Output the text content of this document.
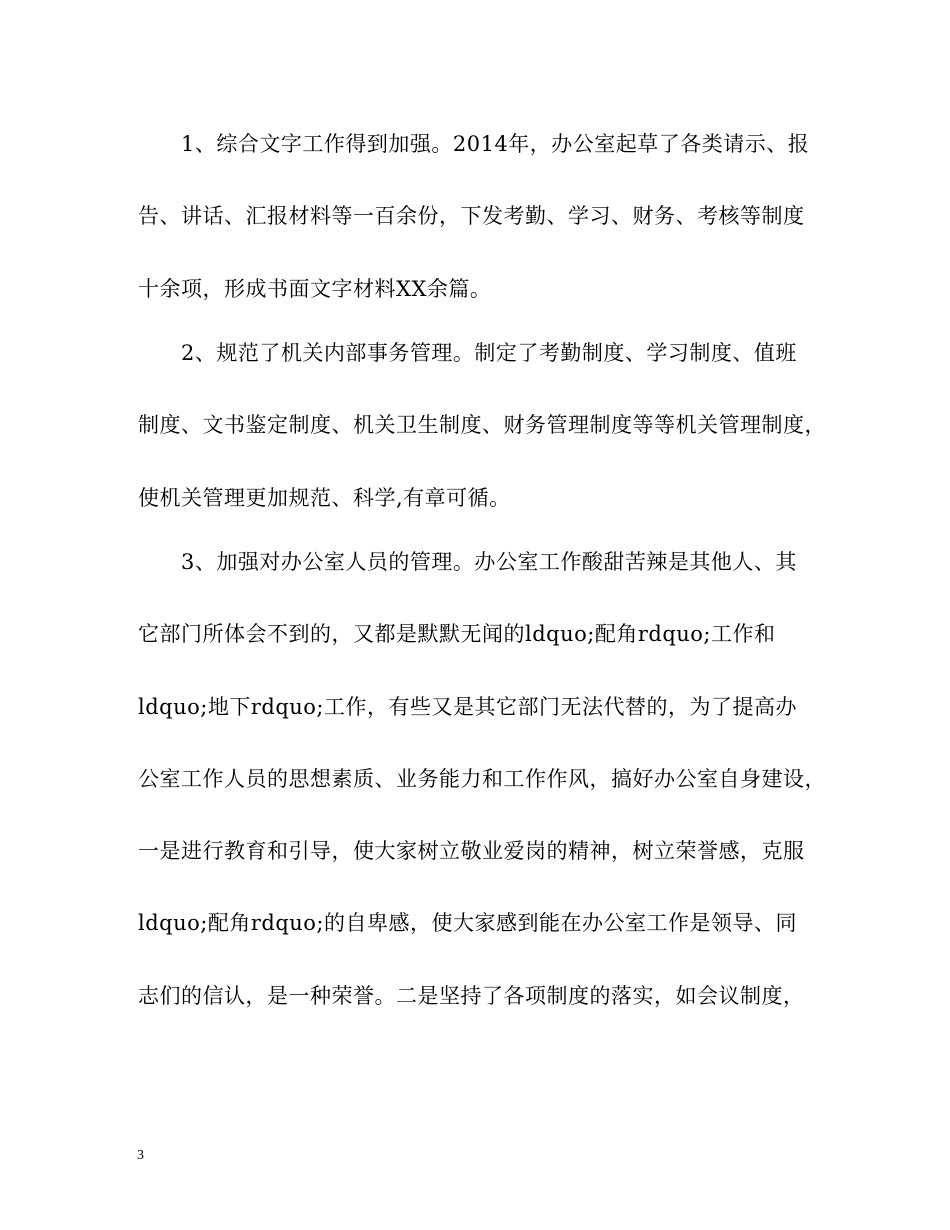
　　1、综合文字工作得到加强。2014年，办公室起草了各类请示、报
告、讲话、汇报材料等一百余份，下发考勤、学习、财务、考核等制度
十余项，形成书面文字材料XX余篇。
　　2、规范了机关内部事务管理。制定了考勤制度、学习制度、值班
制度、文书鉴定制度、机关卫生制度、财务管理制度等等机关管理制度，
使机关管理更加规范、科学,有章可循。
　　3、加强对办公室人员的管理。办公室工作酸甜苦辣是其他人、其
它部门所体会不到的，又都是默默无闻的ldquo;配角rdquo;工作和
ldquo;地下rdquo;工作，有些又是其它部门无法代替的，为了提高办
公室工作人员的思想素质、业务能力和工作作风，搞好办公室自身建设，
一是进行教育和引导，使大家树立敬业爱岗的精神，树立荣誉感，克服
ldquo;配角rdquo;的自卑感，使大家感到能在办公室工作是领导、同
志们的信认，是一种荣誉。二是坚持了各项制度的落实，如会议制度，
3
